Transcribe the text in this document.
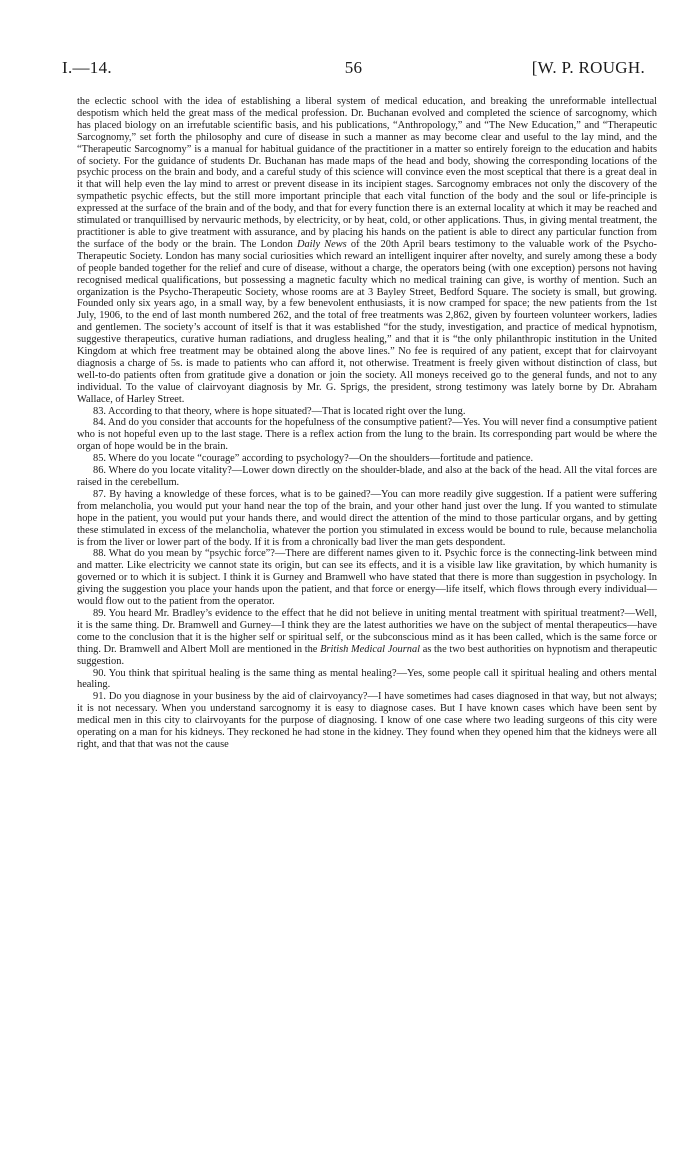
I.—14.	56	[W. P. ROUGH.

the eclectic school with the idea of establishing a liberal system of medical education, and breaking the unreformable intellectual despotism which held the great mass of the medical profession. Dr. Buchanan evolved and completed the science of sarcognomy, which has placed biology on an irrefutable scientific basis, and his publications, “Anthropology,” and “The New Education,” and “Therapeutic Sarcognomy,” set forth the philosophy and cure of disease in such a manner as may become clear and useful to the lay mind, and the “Therapeutic Sarcognomy” is a manual for habitual guidance of the practitioner in a matter so entirely foreign to the education and habits of society. For the guidance of students Dr. Buchanan has made maps of the head and body, showing the corresponding locations of the psychic process on the brain and body, and a careful study of this science will convince even the most sceptical that there is a great deal in it that will help even the lay mind to arrest or prevent disease in its incipient stages. Sarcognomy embraces not only the discovery of the sympathetic psychic effects, but the still more important principle that each vital function of the body and the soul or life-principle is expressed at the surface of the brain and of the body, and that for every function there is an external locality at which it may be reached and stimulated or tranquillised by nervauric methods, by electricity, or by heat, cold, or other applications. Thus, in giving mental treatment, the practitioner is able to give treatment with assurance, and by placing his hands on the patient is able to direct any particular function from the surface of the body or the brain. The London Daily News of the 20th April bears testimony to the valuable work of the Psycho-Therapeutic Society. London has many social curiosities which reward an intelligent inquirer after novelty, and surely among these a body of people banded together for the relief and cure of disease, without a charge, the operators being (with one exception) persons not having recognised medical qualifications, but possessing a magnetic faculty which no medical training can give, is worthy of mention. Such an organization is the Psycho-Therapeutic Society, whose rooms are at 3 Bayley Street, Bedford Square. The society is small, but growing. Founded only six years ago, in a small way, by a few benevolent enthusiasts, it is now cramped for space; the new patients from the 1st July, 1906, to the end of last month numbered 262, and the total of free treatments was 2,862, given by fourteen volunteer workers, ladies and gentlemen. The society’s account of itself is that it was established “for the study, investigation, and practice of medical hypnotism, suggestive therapeutics, curative human radiations, and drugless healing,” and that it is “the only philanthropic institution in the United Kingdom at which free treatment may be obtained along the above lines.” No fee is required of any patient, except that for clairvoyant diagnosis a charge of 5s. is made to patients who can afford it, not otherwise. Treatment is freely given without distinction of class, but well-to-do patients often from gratitude give a donation or join the society. All moneys received go to the general funds, and not to any individual. To the value of clairvoyant diagnosis by Mr. G. Sprigs, the president, strong testimony was lately borne by Dr. Abraham Wallace, of Harley Street.

83. According to that theory, where is hope situated?—That is located right over the lung.

84. And do you consider that accounts for the hopefulness of the consumptive patient?—Yes. You will never find a consumptive patient who is not hopeful even up to the last stage. There is a reflex action from the lung to the brain. Its corresponding part would be where the organ of hope would be in the brain.

85. Where do you locate “courage” according to psychology?—On the shoulders—fortitude and patience.

86. Where do you locate vitality?—Lower down directly on the shoulder-blade, and also at the back of the head. All the vital forces are raised in the cerebellum.

87. By having a knowledge of these forces, what is to be gained?—You can more readily give suggestion. If a patient were suffering from melancholia, you would put your hand near the top of the brain, and your other hand just over the lung. If you wanted to stimulate hope in the patient, you would put your hands there, and would direct the attention of the mind to those particular organs, and by getting these stimulated in excess of the melancholia, whatever the portion you stimulated in excess would be bound to rule, because melancholia is from the liver or lower part of the body. If it is from a chronically bad liver the man gets despondent.

88. What do you mean by “psychic force”?—There are different names given to it. Psychic force is the connecting-link between mind and matter. Like electricity we cannot state its origin, but can see its effects, and it is a visible law like gravitation, by which humanity is governed or to which it is subject. I think it is Gurney and Bramwell who have stated that there is more than suggestion in psychology. In giving the suggestion you place your hands upon the patient, and that force or energy—life itself, which flows through every individual—would flow out to the patient from the operator.

89. You heard Mr. Bradley’s evidence to the effect that he did not believe in uniting mental treatment with spiritual treatment?—Well, it is the same thing. Dr. Bramwell and Gurney—I think they are the latest authorities we have on the subject of mental therapeutics—have come to the conclusion that it is the higher self or spiritual self, or the subconscious mind as it has been called, which is the same force or thing. Dr. Bramwell and Albert Moll are mentioned in the British Medical Journal as the two best authorities on hypnotism and therapeutic suggestion.

90. You think that spiritual healing is the same thing as mental healing?—Yes, some people call it spiritual healing and others mental healing.

91. Do you diagnose in your business by the aid of clairvoyancy?—I have sometimes had cases diagnosed in that way, but not always; it is not necessary. When you understand sarcognomy it is easy to diagnose cases. But I have known cases which have been sent by medical men in this city to clairvoyants for the purpose of diagnosing. I know of one case where two leading surgeons of this city were operating on a man for his kidneys. They reckoned he had stone in the kidney. They found when they opened him that the kidneys were all right, and that that was not the cause
